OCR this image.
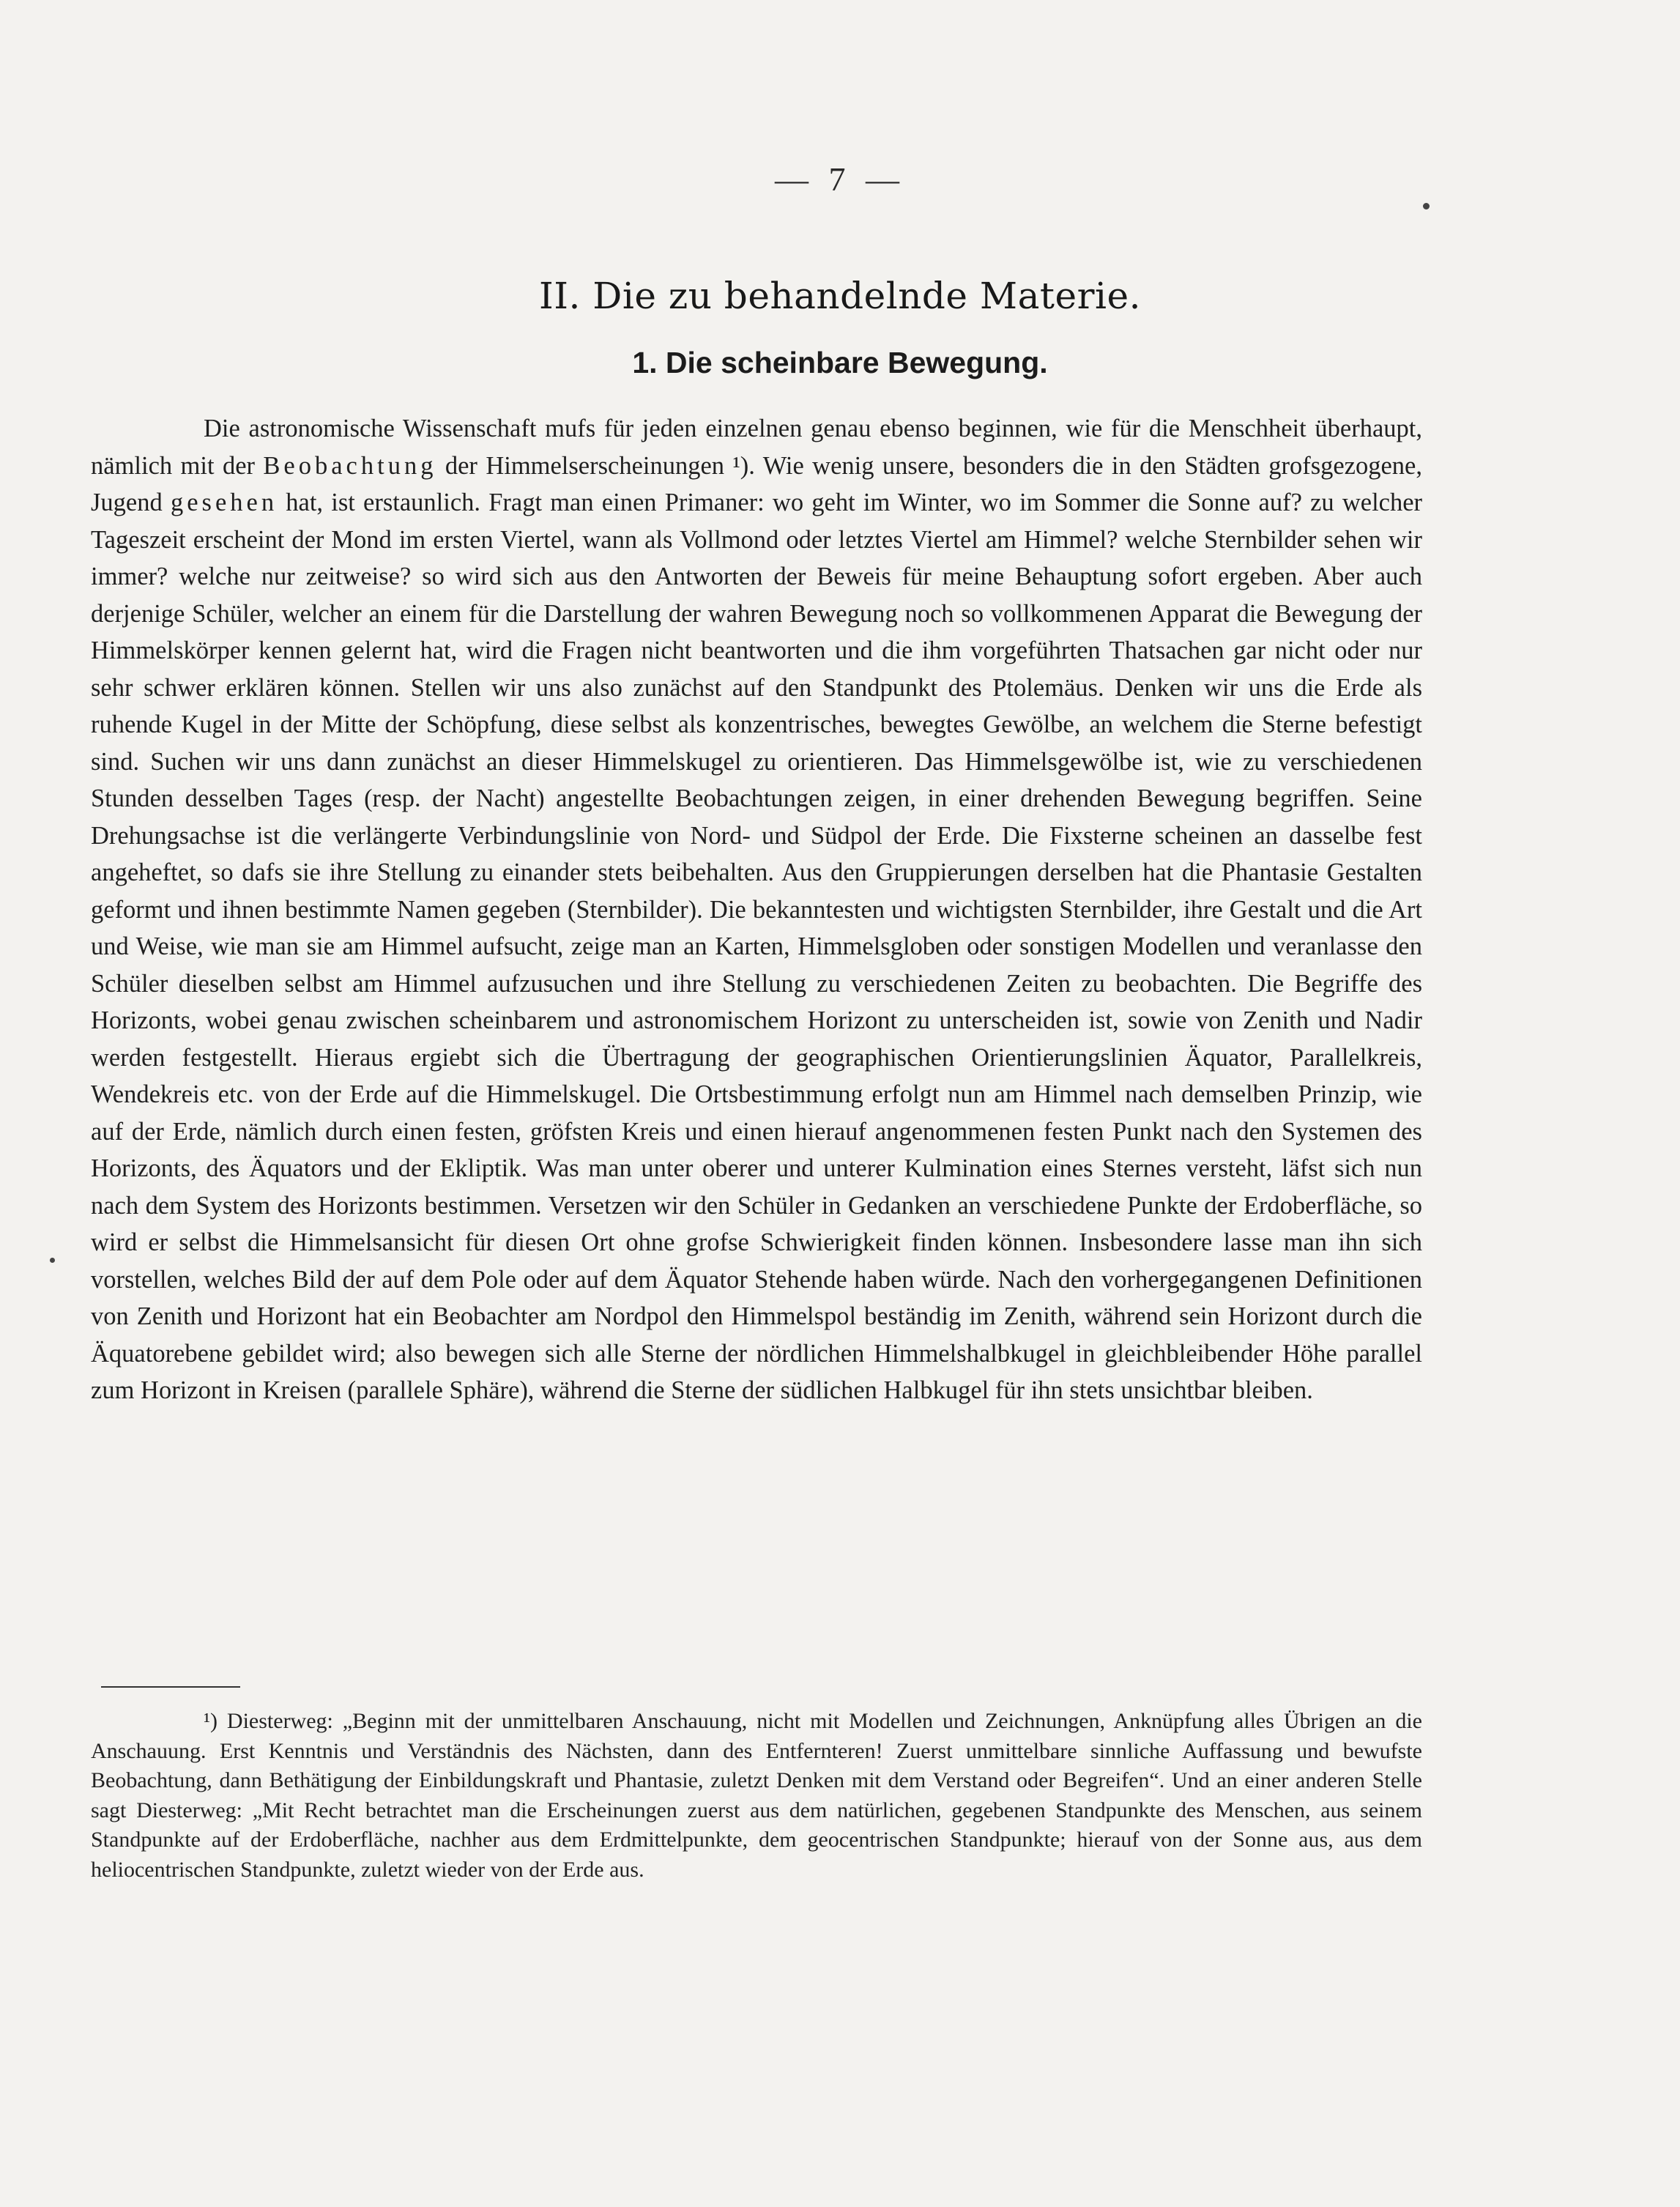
— 7 —
II. Die zu behandelnde Materie.
1. Die scheinbare Bewegung.

Die astronomische Wissenschaft mufs für jeden einzelnen genau ebenso beginnen, wie für die Menschheit überhaupt, nämlich mit der Beobachtung der Himmelserscheinungen ¹). Wie wenig unsere, besonders die in den Städten grofsgezogene, Jugend gesehen hat, ist erstaunlich. Fragt man einen Primaner: wo geht im Winter, wo im Sommer die Sonne auf? zu welcher Tageszeit erscheint der Mond im ersten Viertel, wann als Vollmond oder letztes Viertel am Himmel? welche Sternbilder sehen wir immer? welche nur zeitweise? so wird sich aus den Antworten der Beweis für meine Behauptung sofort ergeben. Aber auch derjenige Schüler, welcher an einem für die Darstellung der wahren Bewegung noch so vollkommenen Apparat die Bewegung der Himmelskörper kennen gelernt hat, wird die Fragen nicht beantworten und die ihm vorgeführten Thatsachen gar nicht oder nur sehr schwer erklären können. Stellen wir uns also zunächst auf den Standpunkt des Ptolemäus. Denken wir uns die Erde als ruhende Kugel in der Mitte der Schöpfung, diese selbst als konzentrisches, bewegtes Gewölbe, an welchem die Sterne befestigt sind. Suchen wir uns dann zunächst an dieser Himmelskugel zu orientieren. Das Himmelsgewölbe ist, wie zu verschiedenen Stunden desselben Tages (resp. der Nacht) angestellte Beobachtungen zeigen, in einer drehenden Bewegung begriffen. Seine Drehungsachse ist die verlängerte Verbindungslinie von Nord- und Südpol der Erde. Die Fixsterne scheinen an dasselbe fest angeheftet, so dafs sie ihre Stellung zu einander stets beibehalten. Aus den Gruppierungen derselben hat die Phantasie Gestalten geformt und ihnen bestimmte Namen gegeben (Sternbilder). Die bekanntesten und wichtigsten Sternbilder, ihre Gestalt und die Art und Weise, wie man sie am Himmel aufsucht, zeige man an Karten, Himmelsgloben oder sonstigen Modellen und veranlasse den Schüler dieselben selbst am Himmel aufzusuchen und ihre Stellung zu verschiedenen Zeiten zu beobachten. Die Begriffe des Horizonts, wobei genau zwischen scheinbarem und astronomischem Horizont zu unterscheiden ist, sowie von Zenith und Nadir werden festgestellt. Hieraus ergiebt sich die Übertragung der geographischen Orientierungslinien Äquator, Parallelkreis, Wendekreis etc. von der Erde auf die Himmelskugel. Die Ortsbestimmung erfolgt nun am Himmel nach demselben Prinzip, wie auf der Erde, nämlich durch einen festen, gröfsten Kreis und einen hierauf angenommenen festen Punkt nach den Systemen des Horizonts, des Äquators und der Ekliptik. Was man unter oberer und unterer Kulmination eines Sternes versteht, läfst sich nun nach dem System des Horizonts bestimmen. Versetzen wir den Schüler in Gedanken an verschiedene Punkte der Erdoberfläche, so wird er selbst die Himmelsansicht für diesen Ort ohne grofse Schwierigkeit finden können. Insbesondere lasse man ihn sich vorstellen, welches Bild der auf dem Pole oder auf dem Äquator Stehende haben würde. Nach den vorhergegangenen Definitionen von Zenith und Horizont hat ein Beobachter am Nordpol den Himmelspol beständig im Zenith, während sein Horizont durch die Äquatorebene gebildet wird; also bewegen sich alle Sterne der nördlichen Himmelshalbkugel in gleichbleibender Höhe parallel zum Horizont in Kreisen (parallele Sphäre), während die Sterne der südlichen Halbkugel für ihn stets unsichtbar bleiben.

¹) Diesterweg: „Beginn mit der unmittelbaren Anschauung, nicht mit Modellen und Zeichnungen, Anknüpfung alles Übrigen an die Anschauung. Erst Kenntnis und Verständnis des Nächsten, dann des Entfernteren! Zuerst unmittelbare sinnliche Auffassung und bewufste Beobachtung, dann Bethätigung der Einbildungskraft und Phantasie, zuletzt Denken mit dem Verstand oder Begreifen“. Und an einer anderen Stelle sagt Diesterweg: „Mit Recht betrachtet man die Erscheinungen zuerst aus dem natürlichen, gegebenen Standpunkte des Menschen, aus seinem Standpunkte auf der Erdoberfläche, nachher aus dem Erdmittelpunkte, dem geocentrischen Standpunkte; hierauf von der Sonne aus, aus dem heliocentrischen Standpunkte, zuletzt wieder von der Erde aus.
